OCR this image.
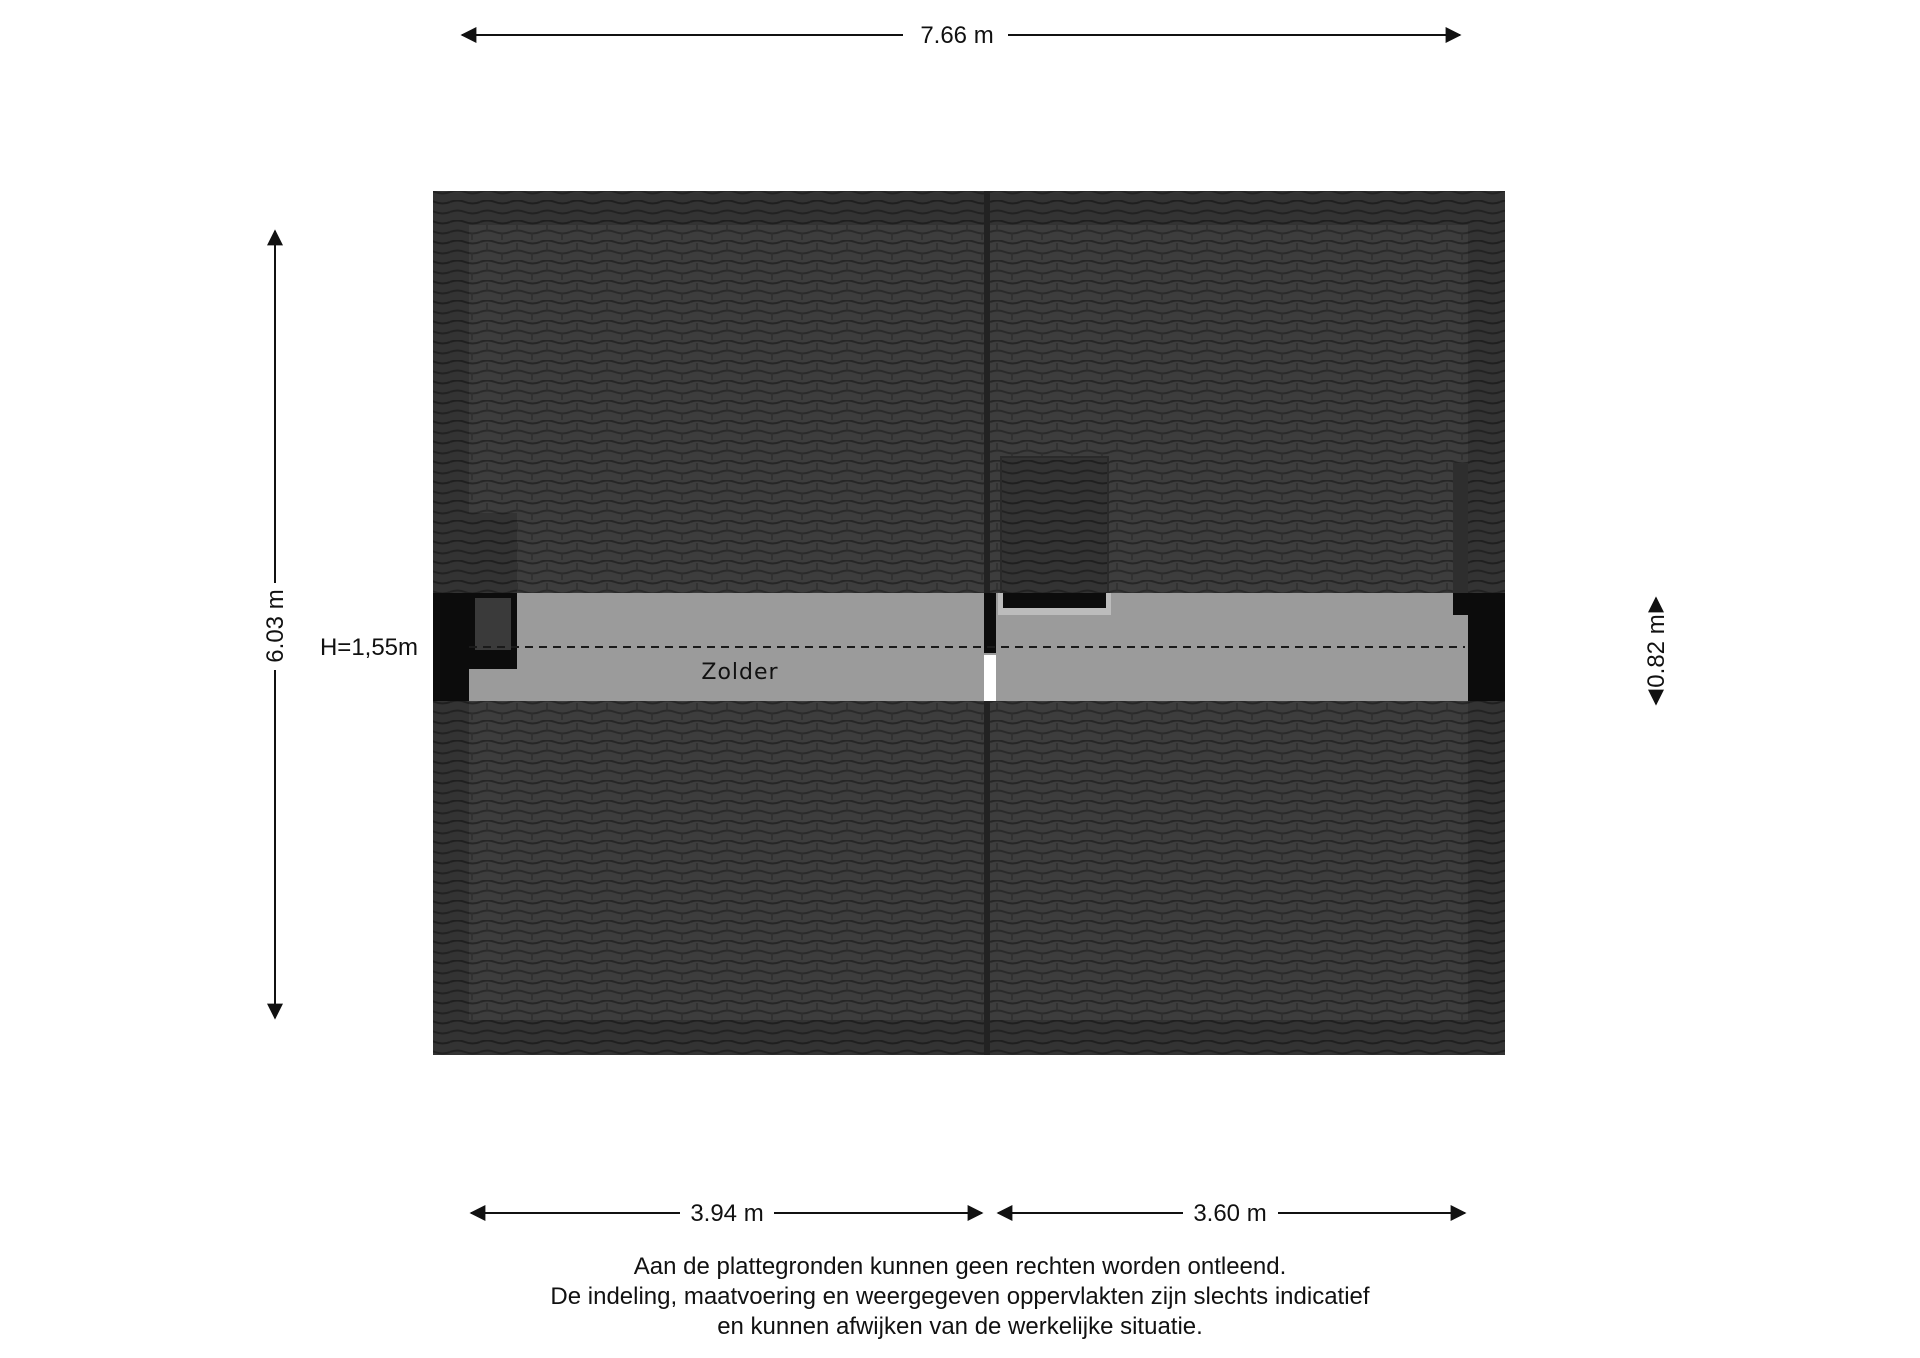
Zolder
H=1,55m
7.66 m
6.03 m	0.82 m
3.94 m	3.60 m
Aan de plattegronden kunnen geen rechten worden ontleend.
De indeling, maatvoering en weergegeven oppervlakten zijn slechts indicatief
en kunnen afwijken van de werkelijke situatie.
